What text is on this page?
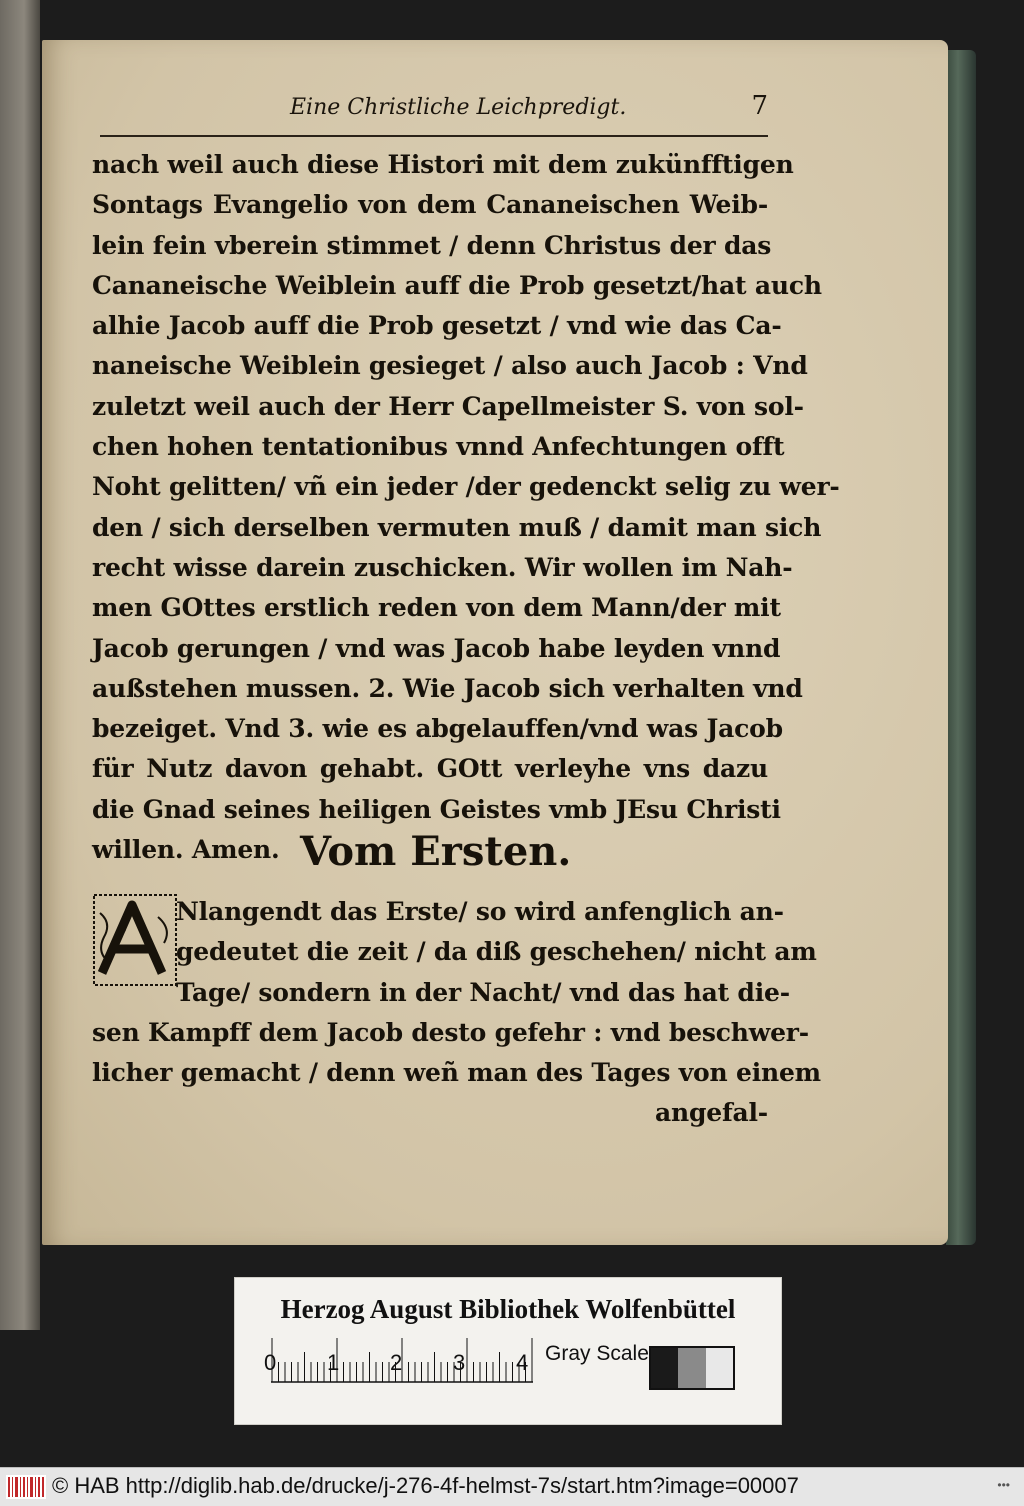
Eine Christliche Leichpredigt.	7
nach weil auch diese Histori mit dem zukünfftigen
Sontags Evangelio von dem Cananeischen Weib-
lein fein vberein stimmet / denn Christus der das
Cananeische Weiblein auff die Prob gesetzt/hat auch
alhie Jacob auff die Prob gesetzt / vnd wie das Ca-
naneische Weiblein gesieget / also auch Jacob : Vnd
zuletzt weil auch der Herr Capellmeister S. von sol-
chen hohen tentationibus vnnd Anfechtungen offt
Noht gelitten/ vñ ein jeder /der gedenckt selig zu wer-
den / sich derselben vermuten muß / damit man sich
recht wisse darein zuschicken. Wir wollen im Nah-
men GOttes erstlich reden von dem Mann/der mit
Jacob gerungen / vnd was Jacob habe leyden vnnd
außstehen mussen. 2. Wie Jacob sich verhalten vnd
bezeiget. Vnd 3. wie es abgelauffen/vnd was Jacob
für Nutz davon gehabt. GOtt verleyhe vns dazu
die Gnad seines heiligen Geistes vmb JEsu Christi
willen. Amen. Vom Ersten.
Nlangendt das Erste/ so wird anfenglich an-
gedeutet die zeit / da diß geschehen/ nicht am
Tage/ sondern in der Nacht/ vnd das hat die-
sen Kampff dem Jacob desto gefehr : vnd beschwer-
licher gemacht / denn weñ man des Tages von einem
angefal-
Herzog August Bibliothek Wolfenbüttel
0 1 2 3 4 Gray Scale
© HAB http://diglib.hab.de/drucke/j-276-4f-helmst-7s/start.htm?image=00007	•••
